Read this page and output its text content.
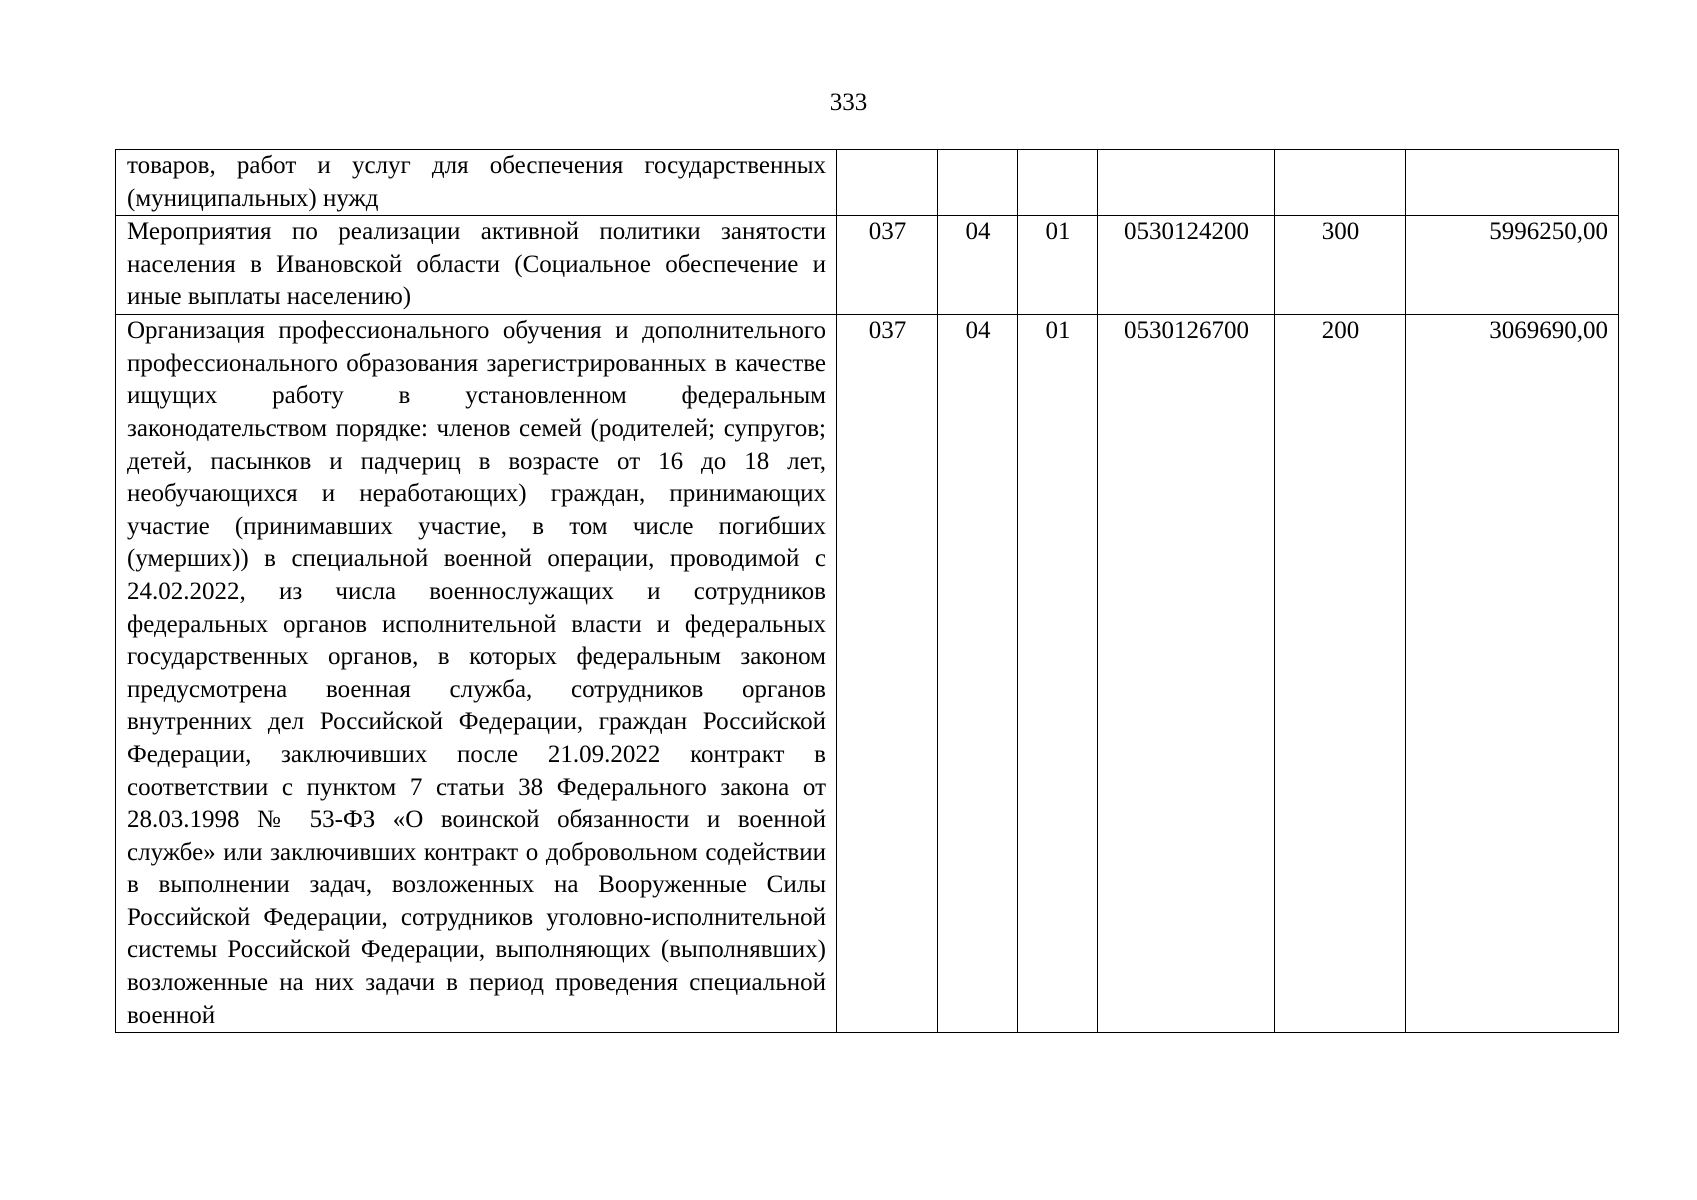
333
товаров, работ и услуг для обеспечения государственных (муниципальных) нужд						
Мероприятия по реализации активной политики занятости населения в Ивановской области (Социальное обеспечение и иные выплаты населению)	037	04	01	0530124200	300	5996250,00
Организация профессионального обучения и дополнительного профессионального образования зарегистрированных в качестве ищущих работу в установленном федеральным законодательством порядке: членов семей (родителей; супругов; детей, пасынков и падчериц в возрасте от 16 до 18 лет, необучающихся и неработающих) граждан, принимающих участие (принимавших участие, в том числе погибших (умерших)) в специальной военной операции, проводимой с 24.02.2022, из числа военнослужащих и сотрудников федеральных органов исполнительной власти и федеральных государственных органов, в которых федеральным законом предусмотрена военная служба, сотрудников органов внутренних дел Российской Федерации, граждан Российской Федерации, заключивших после 21.09.2022 контракт в соответствии с пунктом 7 статьи 38 Федерального закона от 28.03.1998 № 53-ФЗ «О воинской обязанности и военной службе» или заключивших контракт о добровольном содействии в выполнении задач, возложенных на Вооруженные Силы Российской Федерации, сотрудников уголовно-исполнительной системы Российской Федерации, выполняющих (выполнявших) возложенные на них задачи в период проведения специальной военной	037	04	01	0530126700	200	3069690,00
